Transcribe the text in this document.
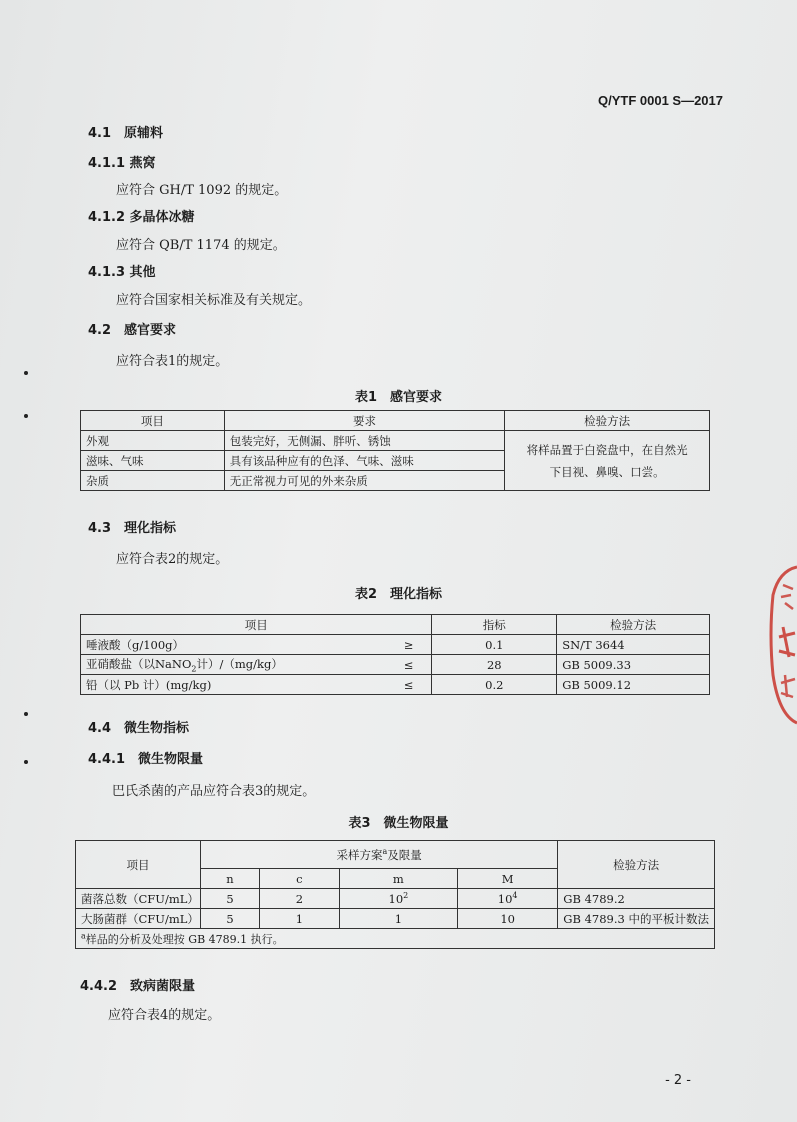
Q/YTF 0001 S—2017
4.1　原辅料
4.1.1 燕窝
应符合 GH/T 1092 的规定。
4.1.2 多晶体冰糖
应符合 QB/T 1174 的规定。
4.1.3 其他
应符合国家相关标准及有关规定。
4.2　感官要求
应符合表1的规定。
表1　感官要求
项目	要求	检验方法
外观	包装完好，无侧漏、胖听、锈蚀	将样品置于白瓷盘中，在自然光
下目视、鼻嗅、口尝。

滋味、气味	具有该品种应有的色泽、气味、滋味	
杂质	无正常视力可见的外来杂质	
4.3　理化指标
应符合表2的规定。
表2　理化指标
项目		指标	检验方法
唾液酸（g/100g）	≥	0.1	SN/T 3644
亚硝酸盐（以NaNO$_2$计）/（mg/kg）	≤	28	GB 5009.33
铅（以 Pb 计）(mg/kg)	≤	0.2	GB 5009.12
4.4　微生物指标
4.4.1　微生物限量
巴氏杀菌的产品应符合表3的规定。
表3　微生物限量
项目	采样方案$^a$及限量				检验方法
	n	c	m	M	
菌落总数（CFU/mL）	5	2	$10^2$	$10^4$	GB 4789.2
大肠菌群（CFU/mL）	5	1	1	10	GB 4789.3 中的平板计数法
$^a$样品的分析及处理按 GB 4789.1 执行。					
4.4.2　致病菌限量
应符合表4的规定。
- 2 -
